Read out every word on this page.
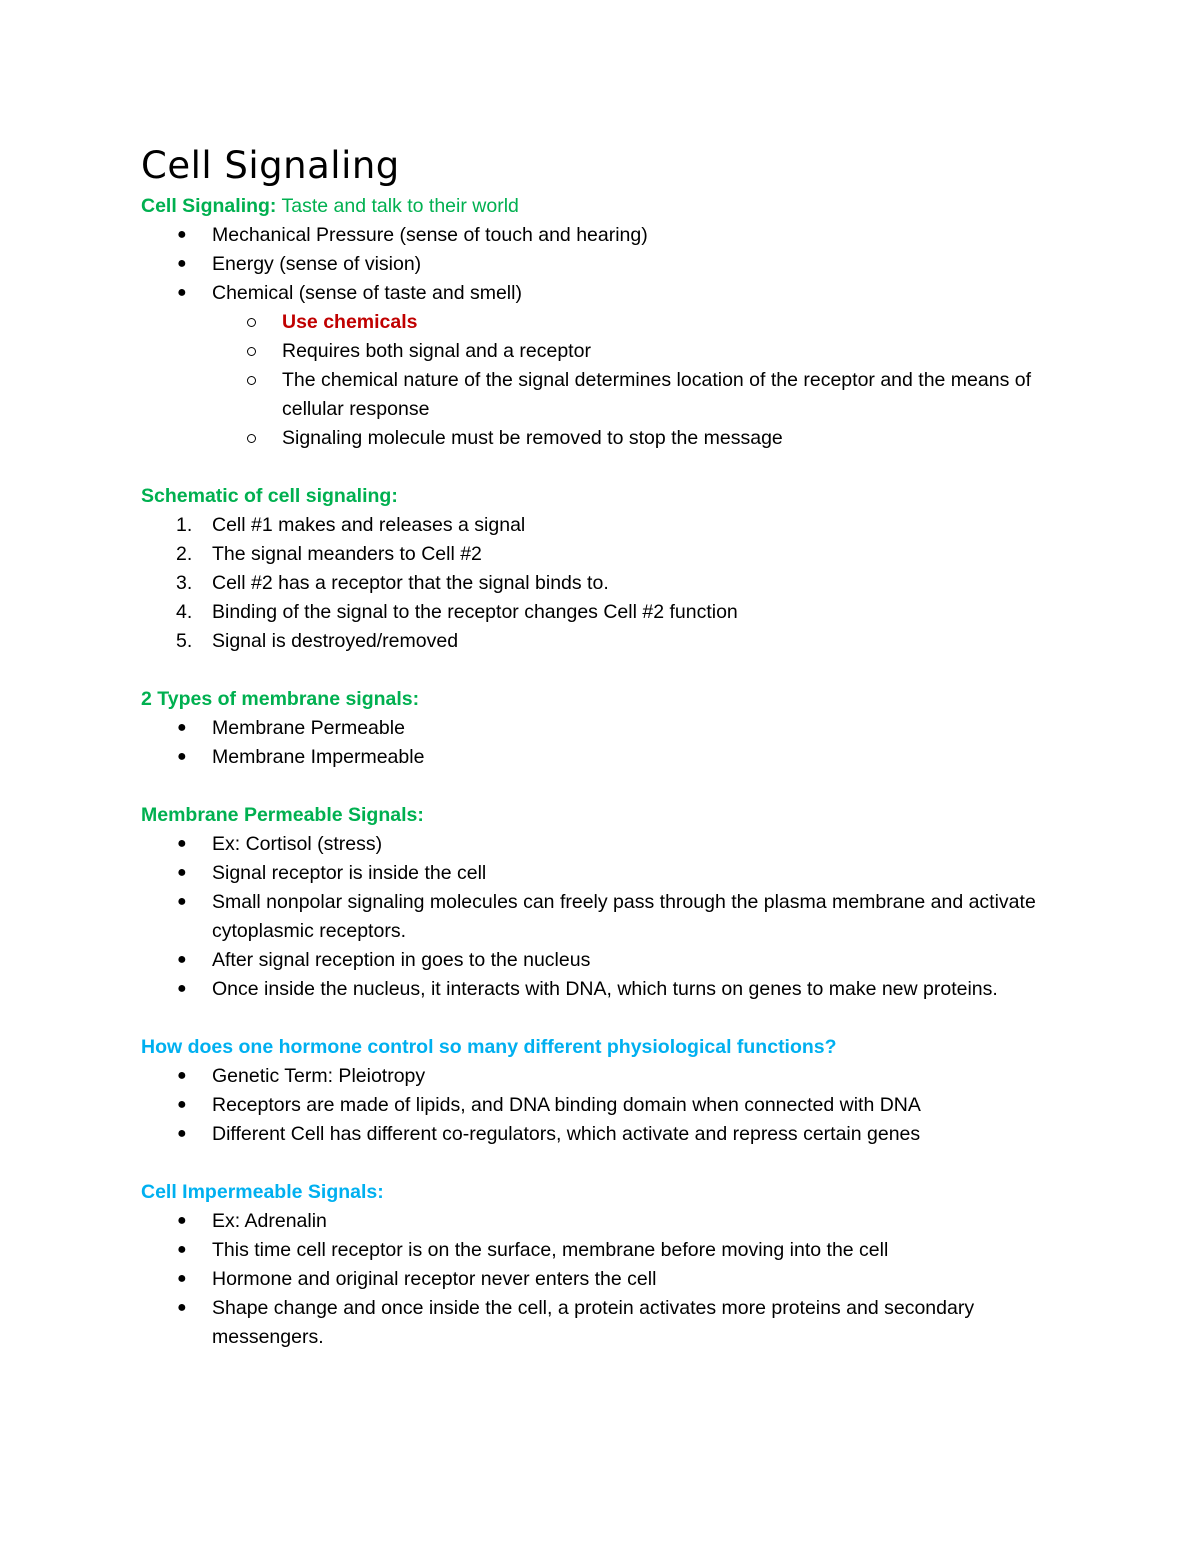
Cell Signaling

Cell Signaling: Taste and talk to their world

●	Mechanical Pressure (sense of touch and hearing)
●	Energy (sense of vision)
●	Chemical (sense of taste and smell)
Use chemicals
Requires both signal and a receptor
The chemical nature of the signal determines location of the receptor and the means of cellular response
Signaling molecule must be removed to stop the message

Schematic of cell signaling:

1. Cell #1 makes and releases a signal
2. The signal meanders to Cell #2
3. Cell #2 has a receptor that the signal binds to.
4. Binding of the signal to the receptor changes Cell #2 function
5. Signal is destroyed/removed

2 Types of membrane signals:

●	Membrane Permeable
●	Membrane Impermeable

Membrane Permeable Signals:

●	Ex: Cortisol (stress)
●	Signal receptor is inside the cell
●	Small nonpolar signaling molecules can freely pass through the plasma membrane and activate cytoplasmic receptors.
●	After signal reception in goes to the nucleus
●	Once inside the nucleus, it interacts with DNA, which turns on genes to make new proteins.

How does one hormone control so many different physiological functions?

●	Genetic Term: Pleiotropy
●	Receptors are made of lipids, and DNA binding domain when connected with DNA
●	Different Cell has different co-regulators, which activate and repress certain genes

Cell Impermeable Signals:

●	Ex: Adrenalin
●	This time cell receptor is on the surface, membrane before moving into the cell
●	Hormone and original receptor never enters the cell
●	Shape change and once inside the cell, a protein activates more proteins and secondary messengers.
